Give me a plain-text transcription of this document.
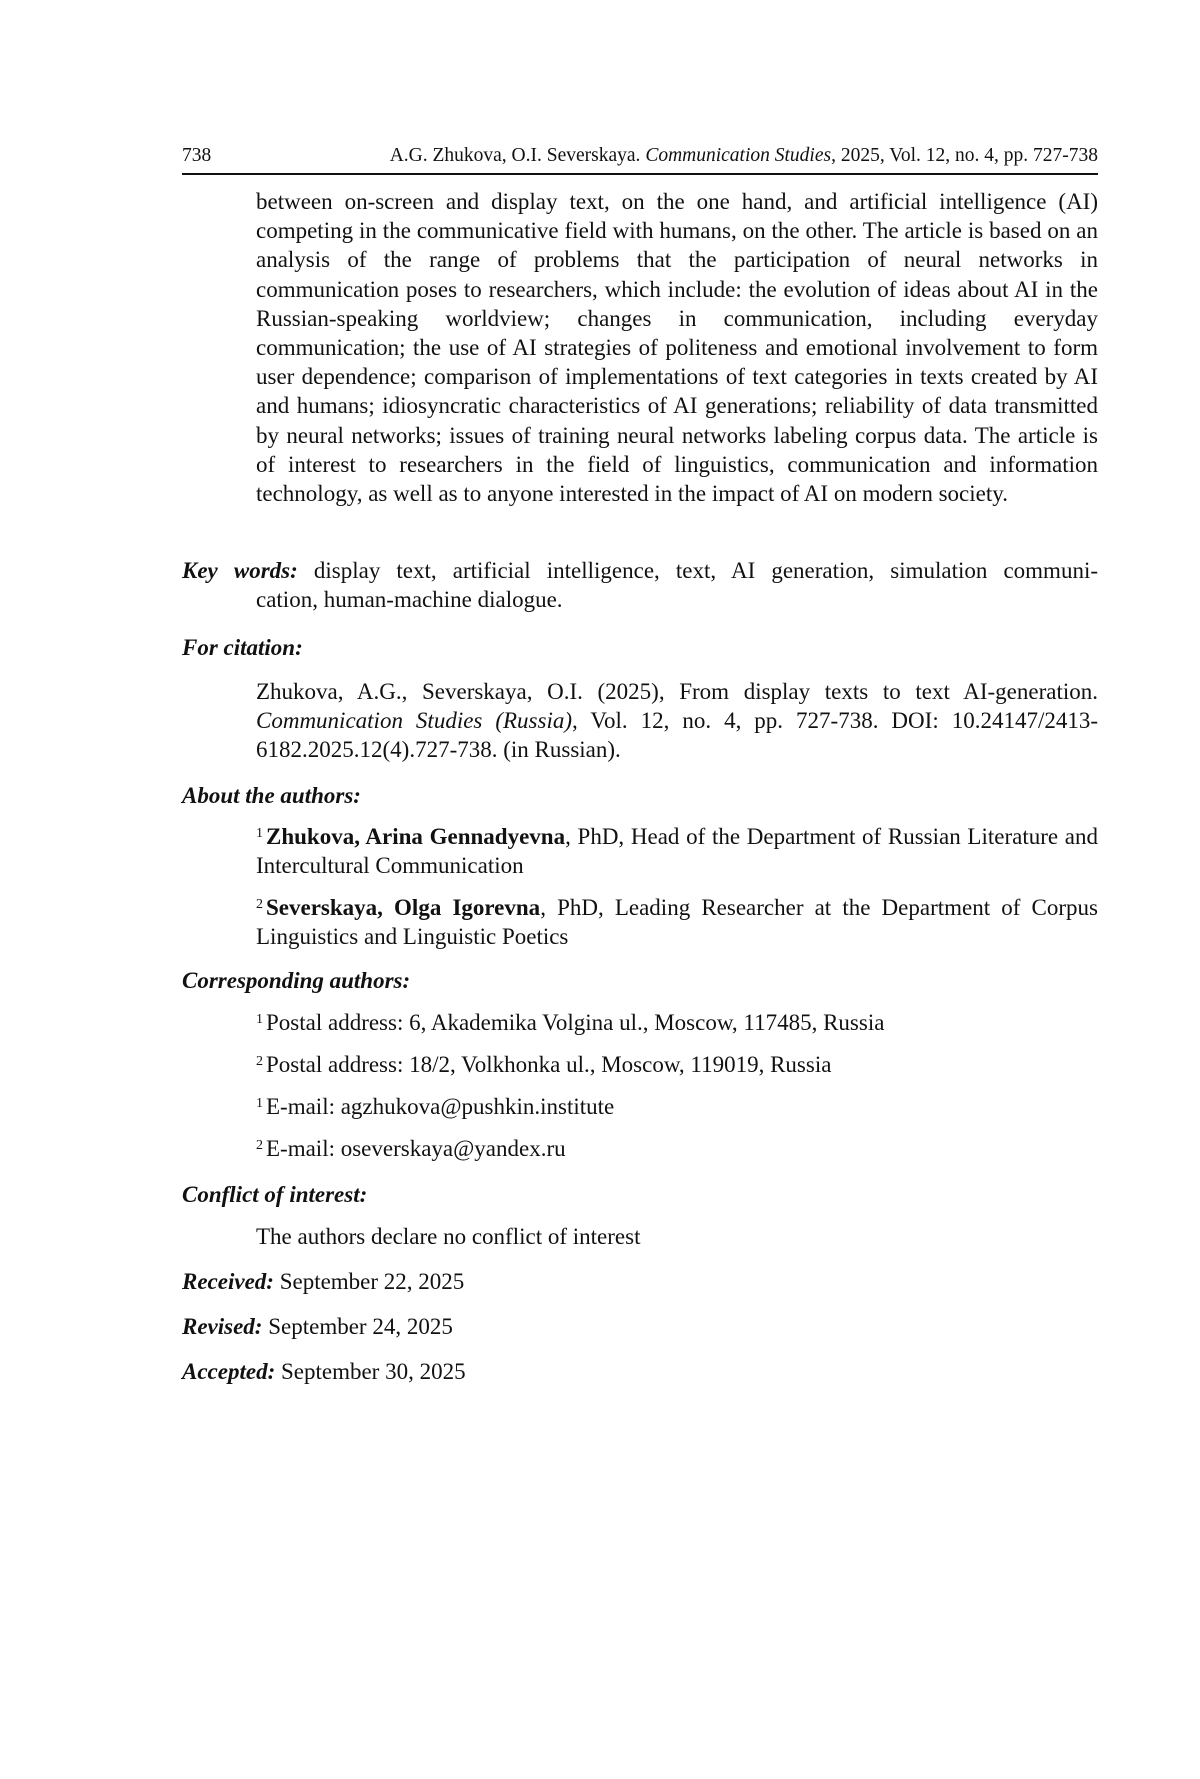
738	A.G. Zhukova, O.I. Severskaya. Communication Studies, 2025, Vol. 12, no. 4, pp. 727-738
between on-screen and display text, on the one hand, and artificial intelligence (AI) competing in the communicative field with humans, on the other. The article is based on an analysis of the range of problems that the participation of neural networks in communication poses to researchers, which include: the evolution of ideas about AI in the Russian-speaking worldview; changes in communication, including everyday communication; the use of AI strategies of politeness and emotional involvement to form user dependence; comparison of implementations of text categories in texts created by AI and humans; idiosyncratic characteristics of AI generations; reliability of data transmitted by neural networks; issues of training neural networks labeling corpus data. The article is of interest to researchers in the field of linguistics, communication and information technology, as well as to anyone interested in the impact of AI on modern society.
Key words: display text, artificial intelligence, text, AI generation, simulation communi-
cation, human-machine dialogue.
For citation:
Zhukova, A.G., Severskaya, O.I. (2025), From display texts to text AI-generation. Communication Studies (Russia), Vol. 12, no. 4, pp. 727-738. DOI: 10.24147/2413-6182.2025.12(4).727-738. (in Russian).
About the authors:
$^1$ Zhukova, Arina Gennadyevna, PhD, Head of the Department of Russian Literature and Intercultural Communication
$^2$ Severskaya, Olga Igorevna, PhD, Leading Researcher at the Department of Corpus Linguistics and Linguistic Poetics
Corresponding authors:
$^1$ Postal address: 6, Akademika Volgina ul., Moscow, 117485, Russia
$^2$ Postal address: 18/2, Volkhonka ul., Moscow, 119019, Russia
$^1$ E-mail: agzhukova@pushkin.institute
$^2$ E-mail: oseverskaya@yandex.ru
Conflict of interest:
The authors declare no conflict of interest
Received: September 22, 2025
Revised: September 24, 2025
Accepted: September 30, 2025
